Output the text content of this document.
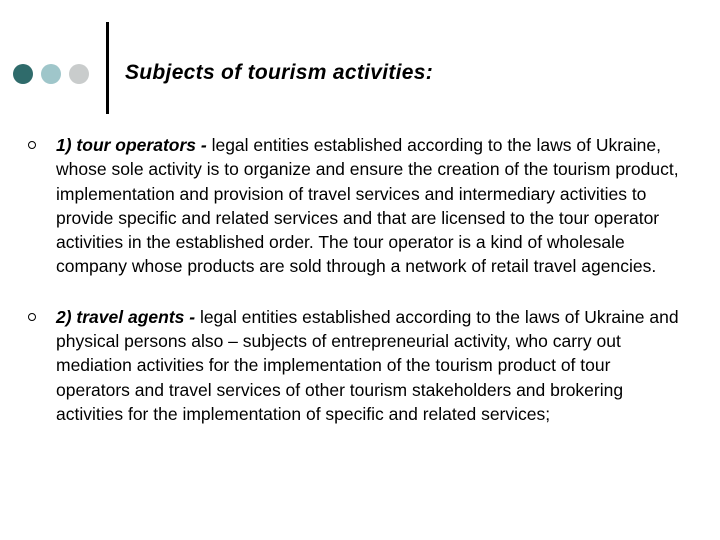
Subjects of tourism activities:
1) tour operators - legal entities established according to the laws of Ukraine, whose sole activity is to organize and ensure the creation of the tourism product, implementation and provision of travel services and intermediary activities to provide specific and related services and that are licensed to the tour operator activities in the established order. The tour operator is a kind of wholesale company whose products are sold through a network of retail travel agencies.
2) travel agents - legal entities established according to the laws of Ukraine and physical persons also – subjects of entrepreneurial activity, who carry out mediation activities for the implementation of the tourism product of tour operators and travel services of other tourism stakeholders and brokering activities for the implementation of specific and related services;
